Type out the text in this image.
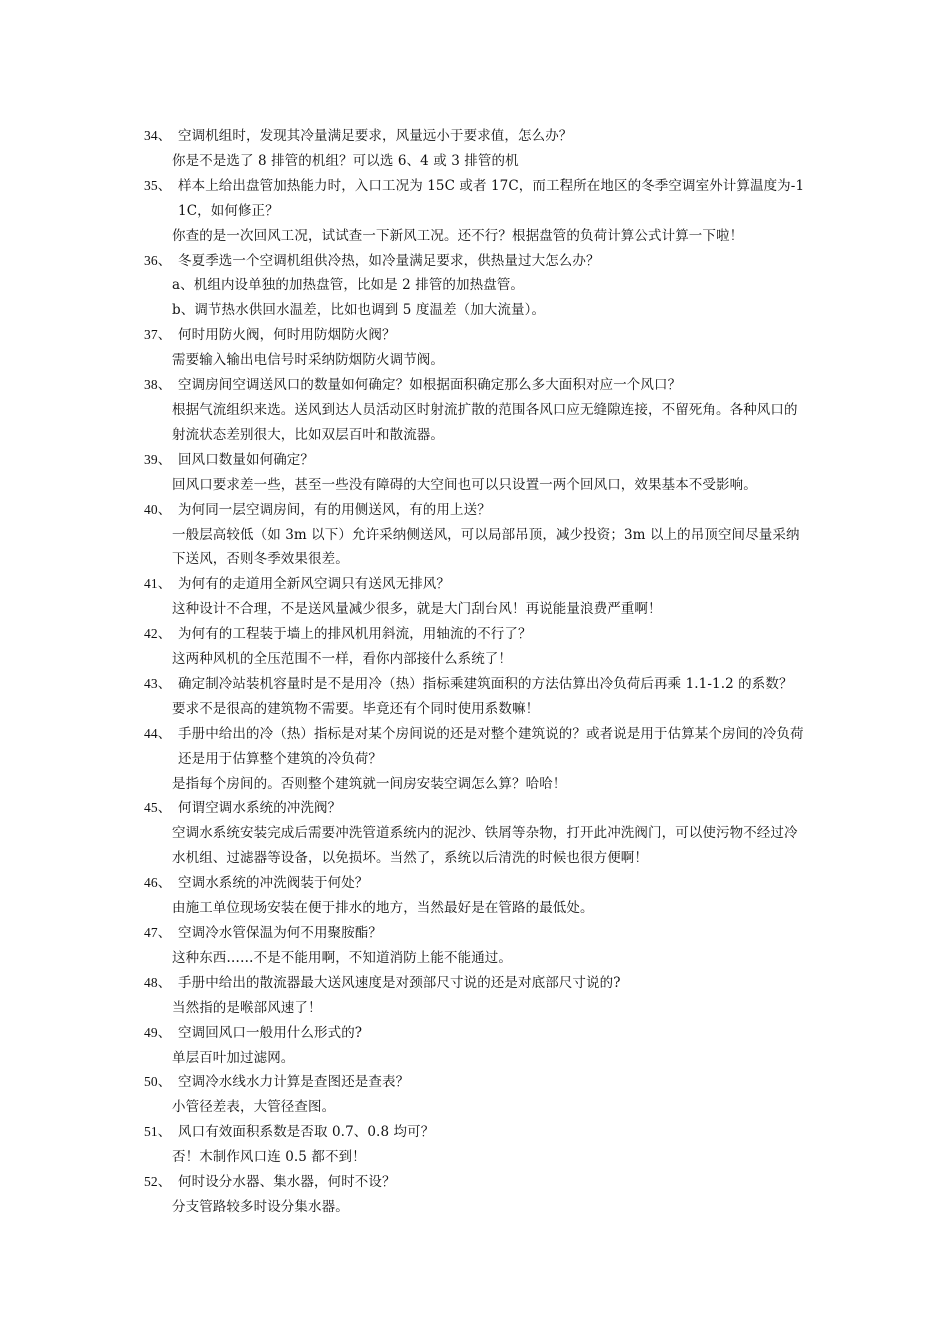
34、 空调机组时，发现其冷量满足要求，风量远小于要求值，怎么办？
你是不是选了 8 排管的机组？可以选 6、4 或 3 排管的机
35、 样本上给出盘管加热能力时，入口工况为 15C 或者 17C，而工程所在地区的冬季空调室外计算温度为-11C，如何修正？
你查的是一次回风工况，试试查一下新风工况。还不行？根据盘管的负荷计算公式计算一下啦！
36、 冬夏季选一个空调机组供冷热，如冷量满足要求，供热量过大怎么办？
a、机组内设单独的加热盘管，比如是 2 排管的加热盘管。
b、调节热水供回水温差，比如也调到 5 度温差（加大流量）。
37、 何时用防火阀，何时用防烟防火阀？
需要输入输出电信号时采纳防烟防火调节阀。
38、 空调房间空调送风口的数量如何确定？如根据面积确定那么多大面积对应一个风口？
根据气流组织来选。送风到达人员活动区时射流扩散的范围各风口应无缝隙连接，不留死角。各种风口的射流状态差别很大，比如双层百叶和散流器。
39、 回风口数量如何确定？
回风口要求差一些，甚至一些没有障碍的大空间也可以只设置一两个回风口，效果基本不受影响。
40、 为何同一层空调房间，有的用侧送风，有的用上送？
一般层高较低（如 3m 以下）允许采纳侧送风，可以局部吊顶，减少投资；3m 以上的吊顶空间尽量采纳下送风，否则冬季效果很差。
41、 为何有的走道用全新风空调只有送风无排风？
这种设计不合理，不是送风量减少很多，就是大门刮台风！再说能量浪费严重啊！
42、 为何有的工程装于墙上的排风机用斜流，用轴流的不行了？
这两种风机的全压范围不一样，看你内部接什么系统了！
43、 确定制冷站装机容量时是不是用冷（热）指标乘建筑面积的方法估算出冷负荷后再乘 1.1-1.2 的系数？
要求不是很高的建筑物不需要。毕竟还有个同时使用系数嘛！
44、 手册中给出的冷（热）指标是对某个房间说的还是对整个建筑说的？或者说是用于估算某个房间的冷负荷还是用于估算整个建筑的冷负荷？
是指每个房间的。否则整个建筑就一间房安装空调怎么算？哈哈！
45、 何谓空调水系统的冲洗阀？
空调水系统安装完成后需要冲洗管道系统内的泥沙、铁屑等杂物，打开此冲洗阀门，可以使污物不经过冷水机组、过滤器等设备，以免损坏。当然了，系统以后清洗的时候也很方便啊！
46、 空调水系统的冲洗阀装于何处？
由施工单位现场安装在便于排水的地方，当然最好是在管路的最低处。
47、 空调冷水管保温为何不用聚胺酯？
这种东西……不是不能用啊，不知道消防上能不能通过。
48、 手册中给出的散流器最大送风速度是对颈部尺寸说的还是对底部尺寸说的?
当然指的是喉部风速了！
49、 空调回风口一般用什么形式的?
单层百叶加过滤网。
50、 空调冷水线水力计算是查图还是查表？
小管径差表，大管径查图。
51、 风口有效面积系数是否取 0.7、0.8 均可？
否！木制作风口连 0.5 都不到！
52、 何时设分水器、集水器，何时不设？
分支管路较多时设分集水器。
